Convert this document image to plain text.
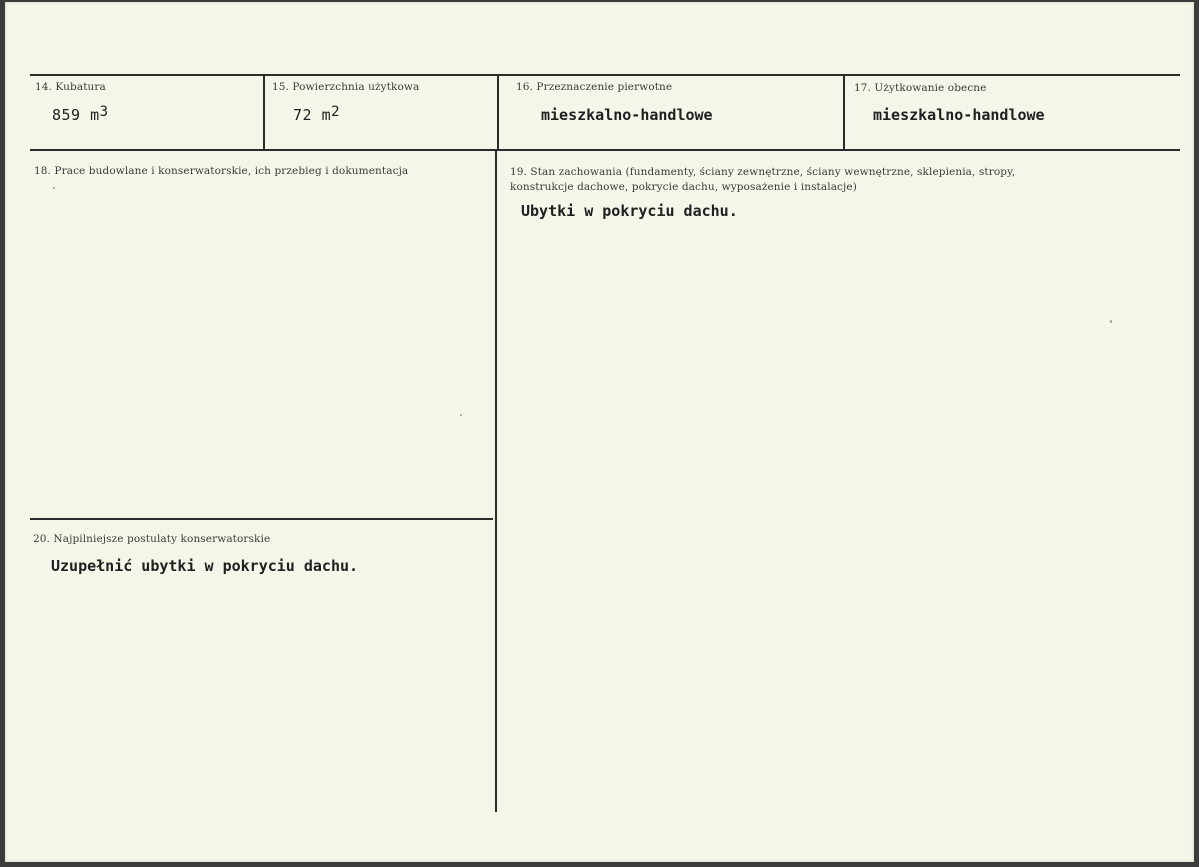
14. Kubatura
859 $m^3$
15. Powierzchnia użytkowa
72 $m^2$
16. Przeznaczenie pierwotne
mieszkalno-handlowe
17. Użytkowanie obecne
mieszkalno-handlowe
18. Prace budowlane i konserwatorskie, ich przebieg i dokumentacja	19. Stan zachowania (fundamenty, ściany zewnętrzne, ściany wewnętrzne, sklepienia, stropy,
konstrukcje dachowe, pokrycie dachu, wyposażenie i instalacje)
Ubytki w pokryciu dachu.
20. Najpilniejsze postulaty konserwatorskie
Uzupełnić ubytki w pokryciu dachu.
